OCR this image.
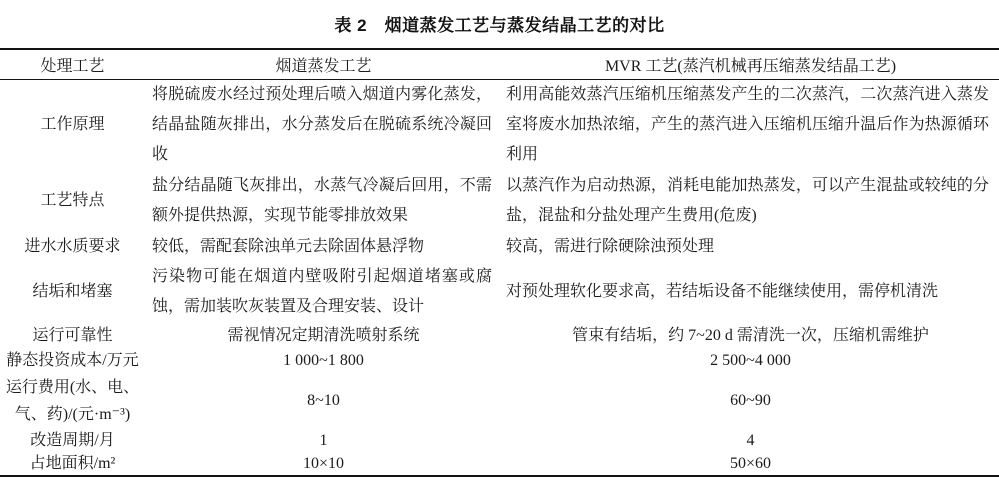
表 2　烟道蒸发工艺与蒸发结晶工艺的对比
处理工艺	烟道蒸发工艺	MVR 工艺(蒸汽机械再压缩蒸发结晶工艺)
工作原理	将脱硫废水经过预处理后喷入烟道内雾化蒸发，结晶盐随灰排出，水分蒸发后在脱硫系统冷凝回收	利用高能效蒸汽压缩机压缩蒸发产生的二次蒸汽，二次蒸汽进入蒸发室将废水加热浓缩，产生的蒸汽进入压缩机压缩升温后作为热源循环利用
工艺特点	盐分结晶随飞灰排出，水蒸气冷凝后回用，不需额外提供热源，实现节能零排放效果	以蒸汽作为启动热源，消耗电能加热蒸发，可以产生混盐或较纯的分盐，混盐和分盐处理产生费用(危废)
进水水质要求	较低，需配套除浊单元去除固体悬浮物	较高，需进行除硬除浊预处理
结垢和堵塞	污染物可能在烟道内壁吸附引起烟道堵塞或腐蚀，需加装吹灰装置及合理安装、设计	对预处理软化要求高，若结垢设备不能继续使用，需停机清洗
运行可靠性	需视情况定期清洗喷射系统	管束有结垢，约 7~20 d 需清洗一次，压缩机需维护
静态投资成本/万元	1 000~1 800	2 500~4 000
运行费用(水、电、气、药)/(元·m⁻³)	8~10	60~90
改造周期/月	1	4
占地面积/m²	10×10	50×60
